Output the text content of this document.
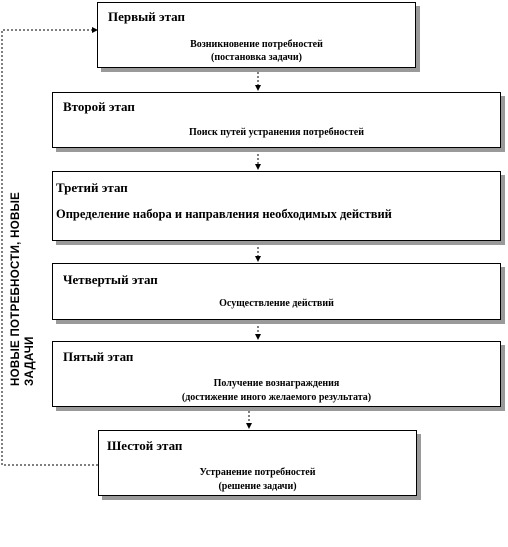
Первый этап
Возникновение потребностей
(постановка задачи)
Второй этап
Поиск путей устранения потребностей
Третий этап
Определение набора и направления необходимых действий
Четвертый этап
Осуществление действий
Пятый этап
Получение вознаграждения
(достижение иного желаемого результата)
Шестой этап
Устранение потребностей
(решение задачи)
НОВЫЕ ПОТРЕБНОСТИ, НОВЫЕ ЗАДАЧИ
